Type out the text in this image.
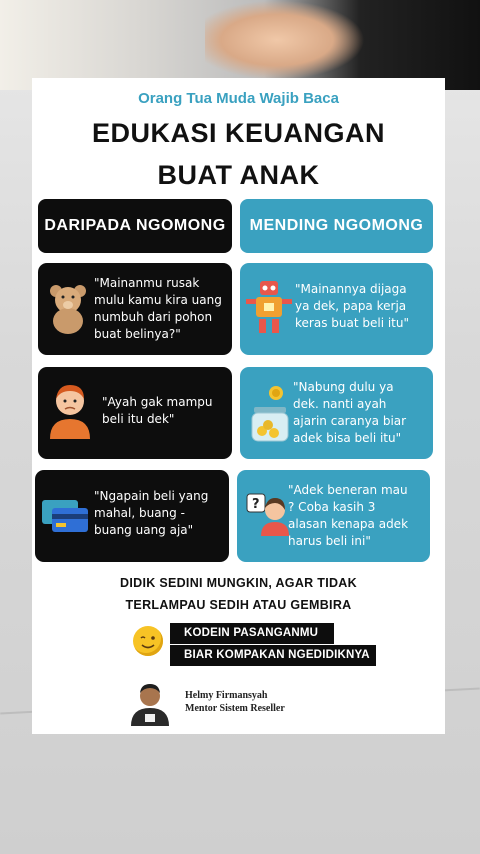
Orang Tua Muda Wajib Baca
EDUKASI KEUANGAN
BUAT ANAK
DARIPADA NGOMONG	MENDING NGOMONG
"Mainanmu rusak
mulu kamu kira uang
numbuh dari pohon
buat belinya?"
"Mainannya dijaga
ya dek, papa kerja
keras buat beli itu"
"Ayah gak mampu
beli itu dek"
"Nabung dulu ya
dek. nanti ayah
ajarin caranya biar
adek bisa beli itu"
"Ngapain beli yang
mahal, buang -
buang uang aja"
?
"Adek beneran mau
? Coba kasih 3
alasan kenapa adek
harus beli ini"
DIDIK SEDINI MUNGKIN, AGAR TIDAK
TERLAMPAU SEDIH ATAU GEMBIRA
KODEIN PASANGANMU
BIAR KOMPAKAN NGEDIDIKNYA
Helmy Firmansyah
Mentor Sistem Reseller
